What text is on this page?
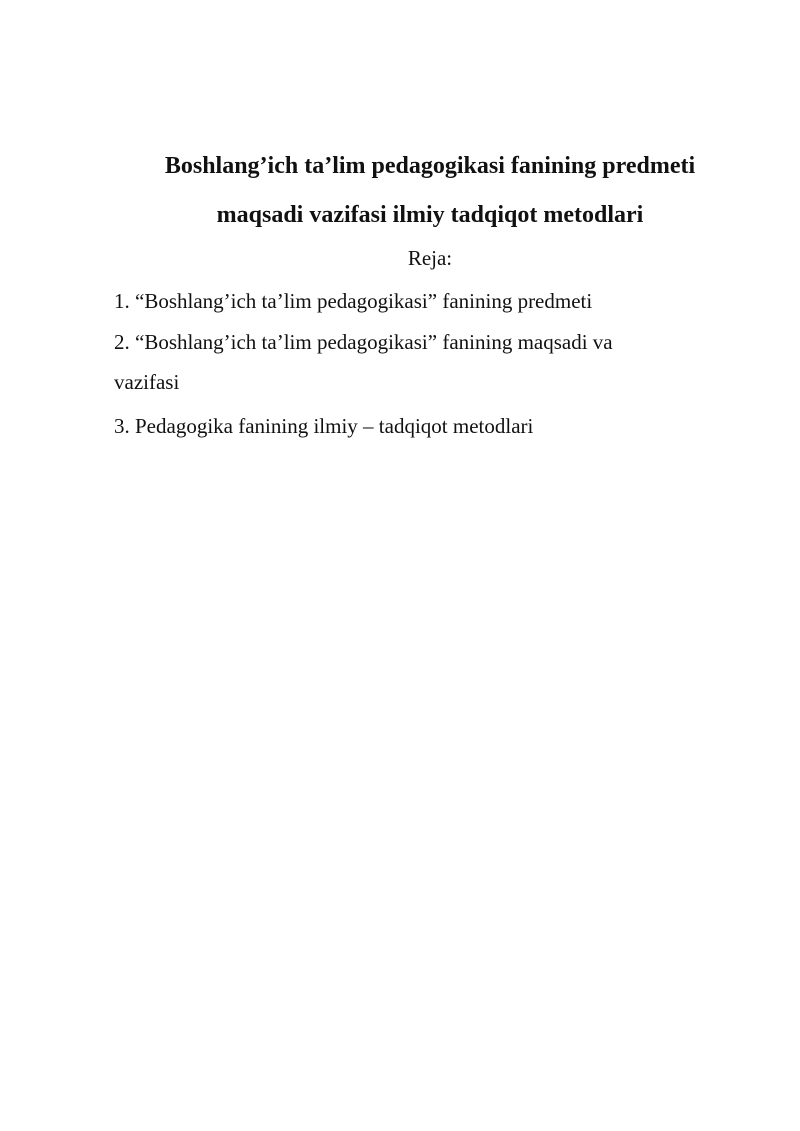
Boshlang’ich ta’lim pedagogikasi fanining predmeti
maqsadi vazifasi ilmiy tadqiqot metodlari
Reja:
1. “Boshlang’ich ta’lim pedagogikasi” fanining predmeti
2. “Boshlang’ich ta’lim pedagogikasi” fanining maqsadi va
vazifasi
3. Pedagogika fanining ilmiy – tadqiqot metodlari
